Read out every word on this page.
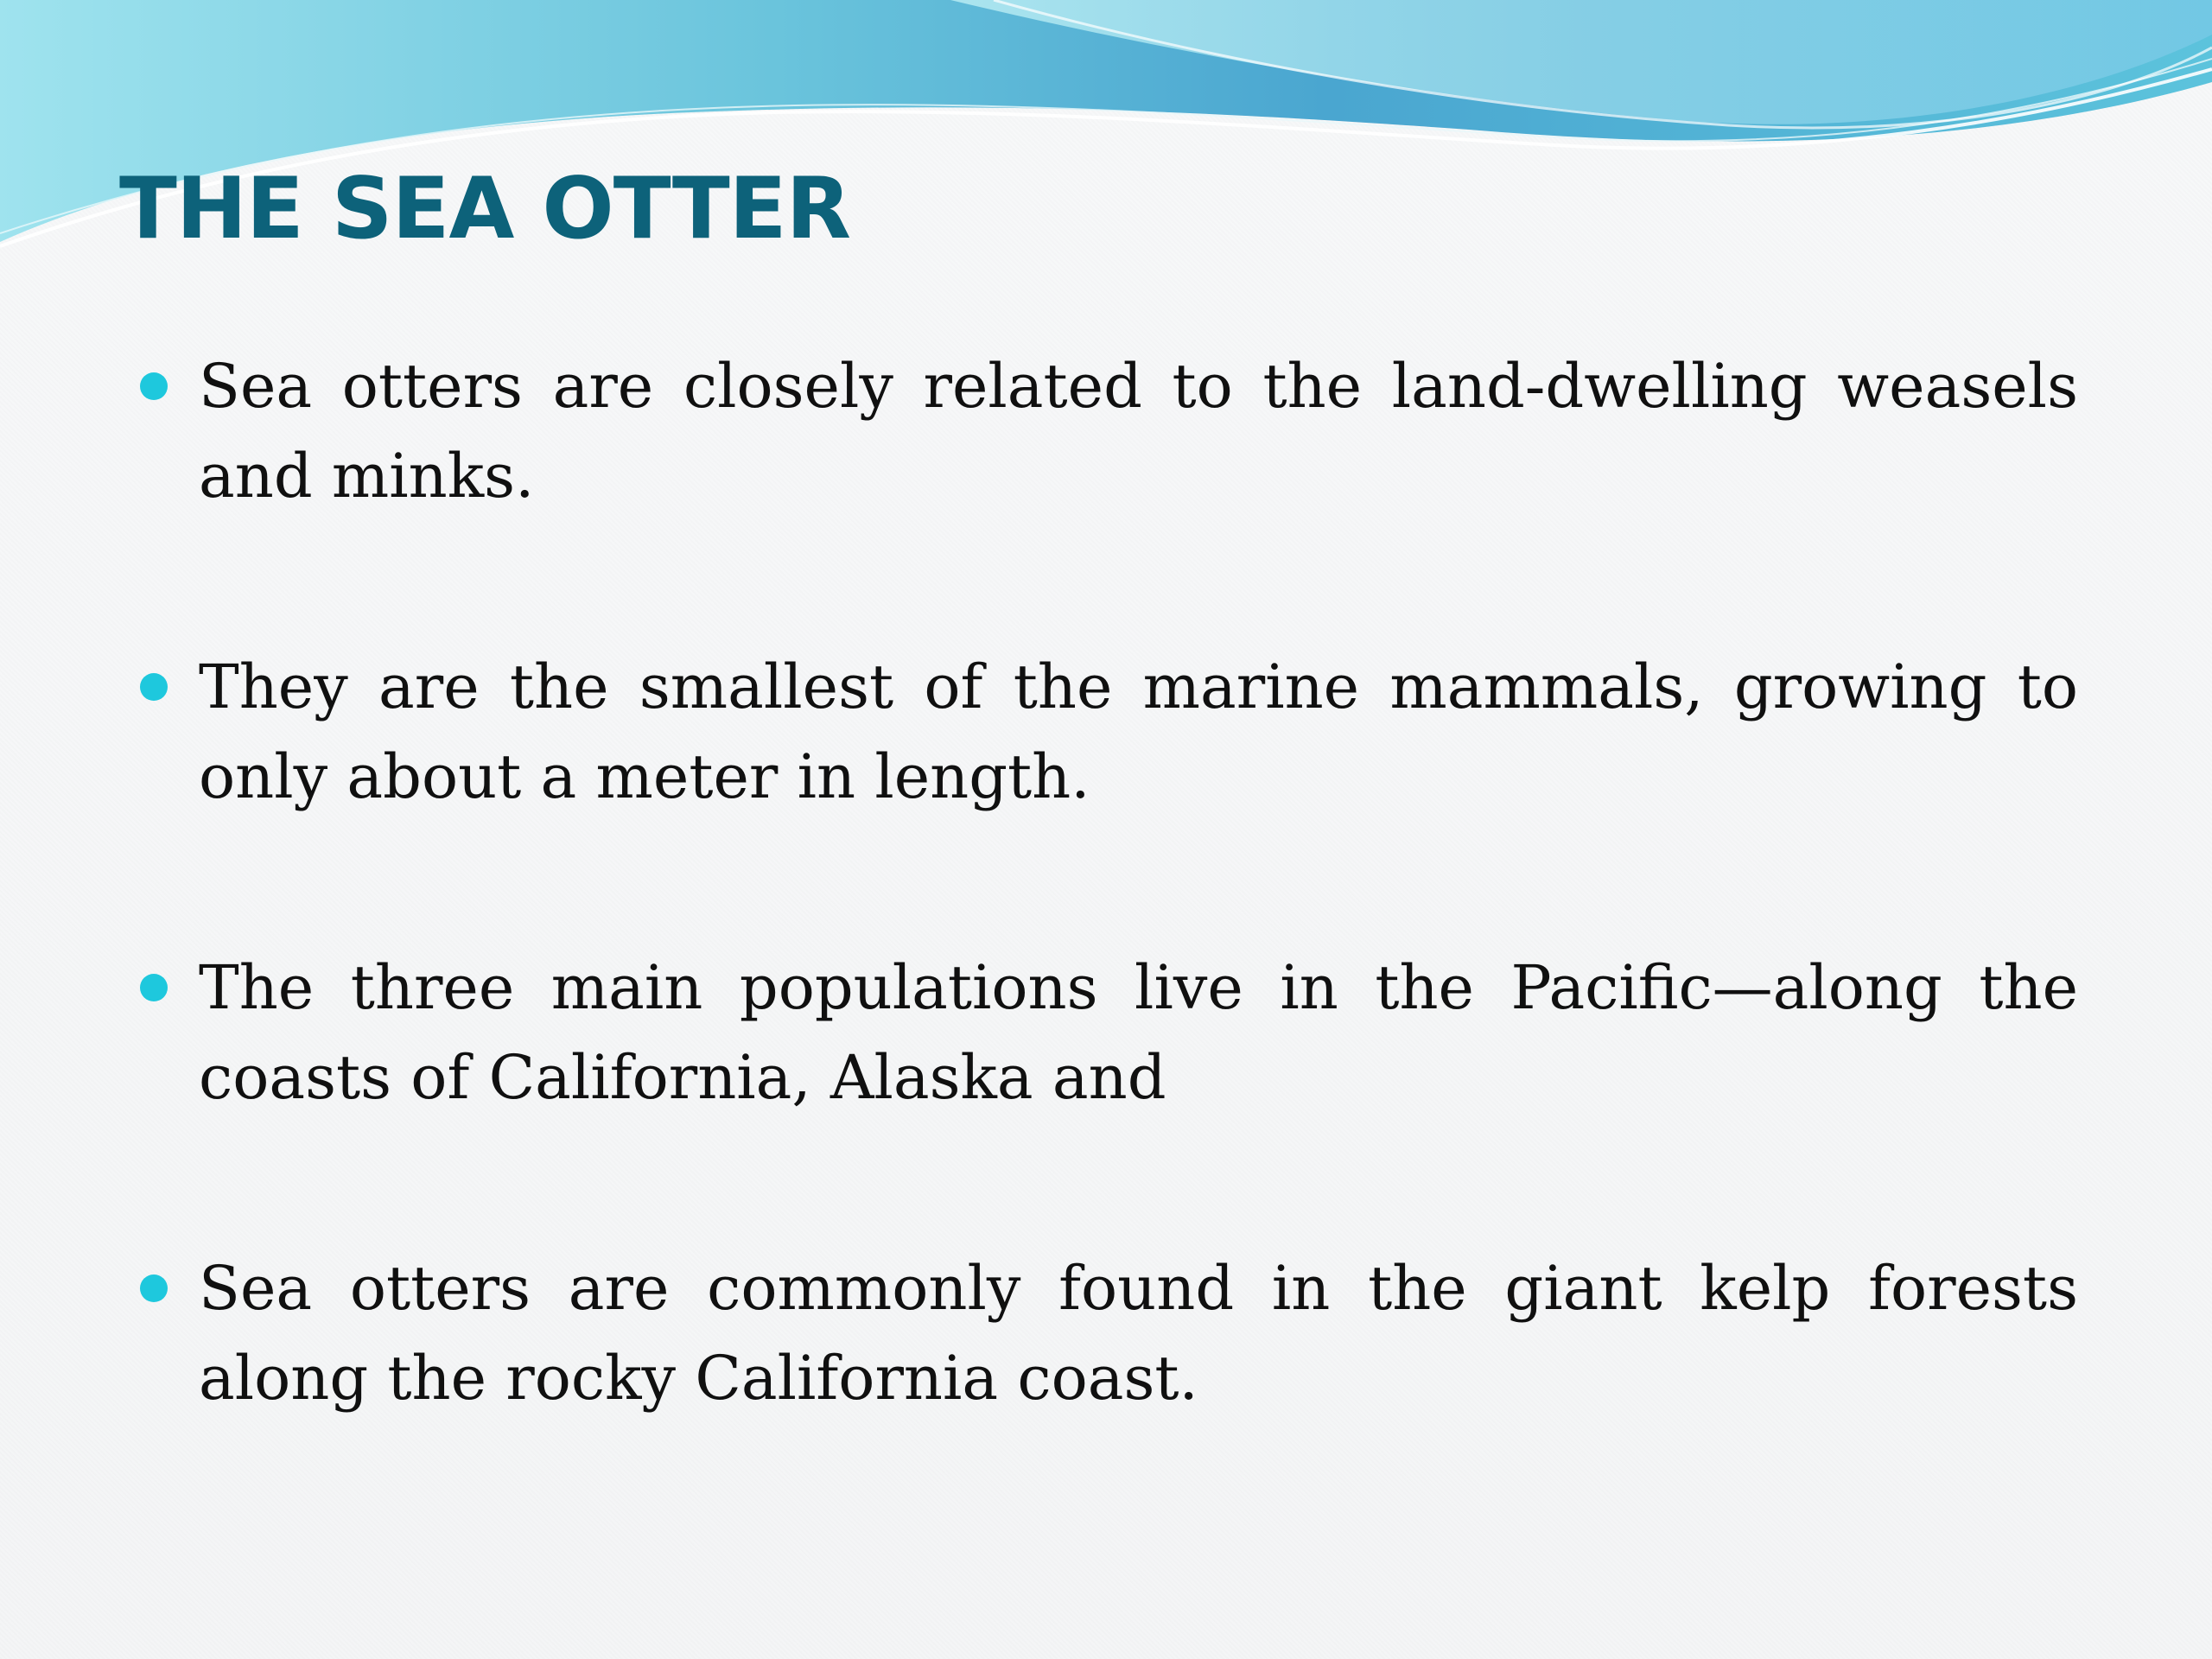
THE SEA OTTER

Sea otters are closely related to the land-dwelling weasels and minks.

They are the smallest of the marine mammals, growing to only about a meter in length.

The three main populations live in the Pacific—along the coasts of California, Alaska and

Sea otters are commonly found in the giant kelp forests along the rocky California coast.
